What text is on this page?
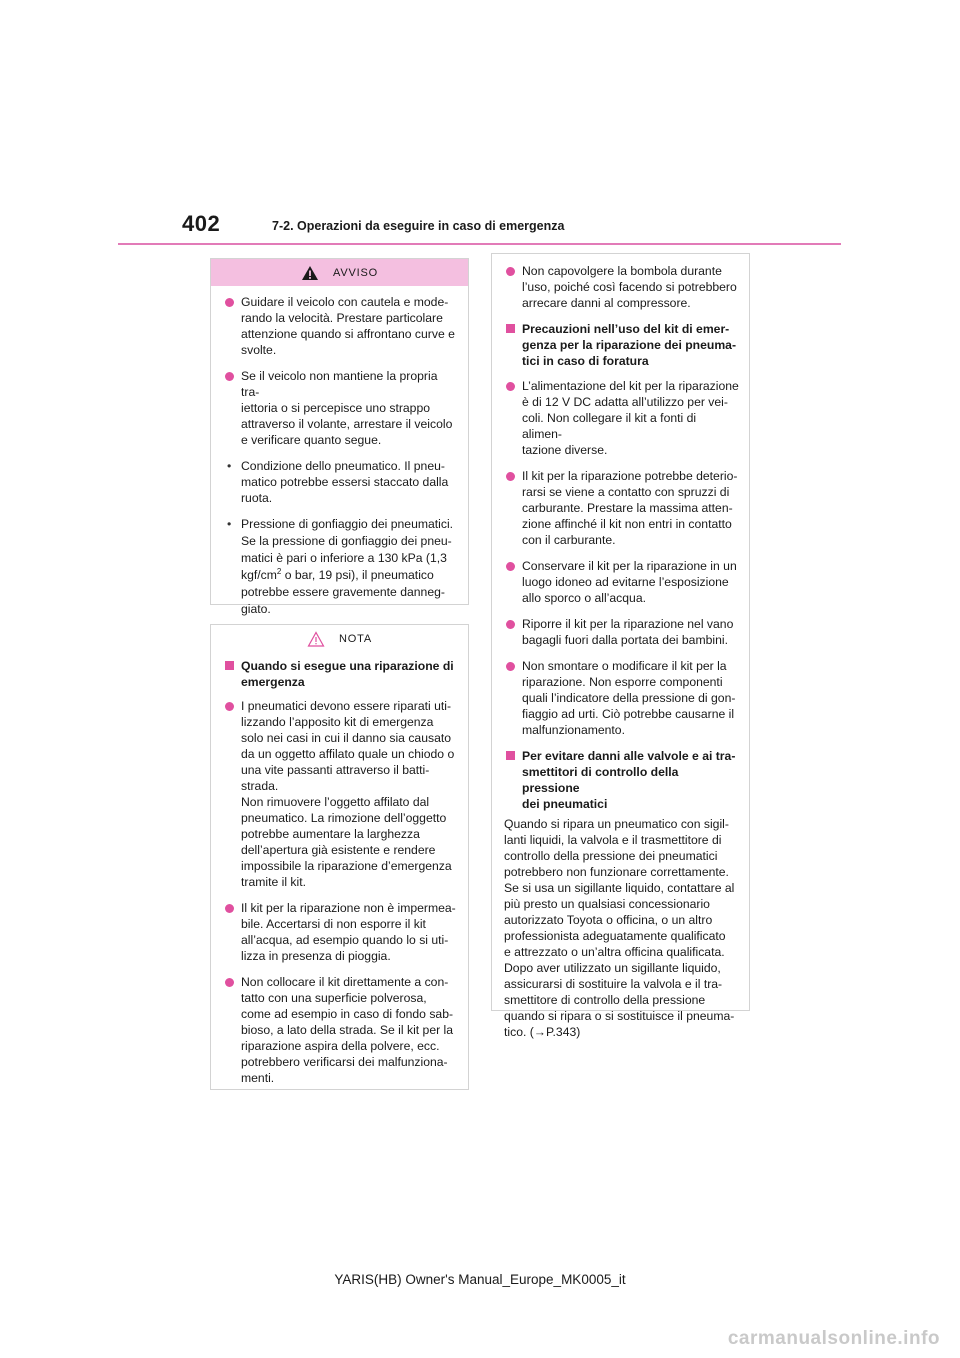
402	7-2. Operazioni da eseguire in caso di emergenza
AVVISO

Guidare il veicolo con cautela e mode-
rando la velocità. Prestare particolare
attenzione quando si affrontano curve e
svolte.

Se il veicolo non mantiene la propria tra-
iettoria o si percepisce uno strappo
attraverso il volante, arrestare il veicolo
e verificare quanto segue.

• Condizione dello pneumatico. Il pneu-
matico potrebbe essersi staccato dalla
ruota.

• Pressione di gonfiaggio dei pneumatici.
Se la pressione di gonfiaggio dei pneu-
matici è pari o inferiore a 130 kPa (1,3
kgf/$cm^2$ o bar, 19 psi), il pneumatico
potrebbe essere gravemente danneg-
giato.

NOTA

Quando si esegue una riparazione di
emergenza

I pneumatici devono essere riparati uti-
lizzando l’apposito kit di emergenza
solo nei casi in cui il danno sia causato
da un oggetto affilato quale un chiodo o
una vite passanti attraverso il batti-
strada.
Non rimuovere l’oggetto affilato dal
pneumatico. La rimozione dell’oggetto
potrebbe aumentare la larghezza
dell’apertura già esistente e rendere
impossibile la riparazione d’emergenza
tramite il kit.

Il kit per la riparazione non è impermea-
bile. Accertarsi di non esporre il kit
all’acqua, ad esempio quando lo si uti-
lizza in presenza di pioggia.

Non collocare il kit direttamente a con-
tatto con una superficie polverosa,
come ad esempio in caso di fondo sab-
bioso, a lato della strada. Se il kit per la
riparazione aspira della polvere, ecc.
potrebbero verificarsi dei malfunziona-
menti.

Non capovolgere la bombola durante
l’uso, poiché così facendo si potrebbero
arrecare danni al compressore.

Precauzioni nell’uso del kit di emer-
genza per la riparazione dei pneuma-
tici in caso di foratura

L’alimentazione del kit per la riparazione
è di 12 V DC adatta all’utilizzo per vei-
coli. Non collegare il kit a fonti di alimen-
tazione diverse.

Il kit per la riparazione potrebbe deterio-
rarsi se viene a contatto con spruzzi di
carburante. Prestare la massima atten-
zione affinché il kit non entri in contatto
con il carburante.

Conservare il kit per la riparazione in un
luogo idoneo ad evitarne l’esposizione
allo sporco o all’acqua.

Riporre il kit per la riparazione nel vano
bagagli fuori dalla portata dei bambini.

Non smontare o modificare il kit per la
riparazione. Non esporre componenti
quali l’indicatore della pressione di gon-
fiaggio ad urti. Ciò potrebbe causarne il
malfunzionamento.

Per evitare danni alle valvole e ai tra-
smettitori di controllo della pressione
dei pneumatici

Quando si ripara un pneumatico con sigil-
lanti liquidi, la valvola e il trasmettitore di
controllo della pressione dei pneumatici
potrebbero non funzionare correttamente.
Se si usa un sigillante liquido, contattare al
più presto un qualsiasi concessionario
autorizzato Toyota o officina, o un altro
professionista adeguatamente qualificato
e attrezzato o un’altra officina qualificata.
Dopo aver utilizzato un sigillante liquido,
assicurarsi di sostituire la valvola e il tra-
smettitore di controllo della pressione
quando si ripara o si sostituisce il pneuma-
tico. (→P.343)

YARIS(HB) Owner's Manual_Europe_MK0005_it
carmanualsonline.info
